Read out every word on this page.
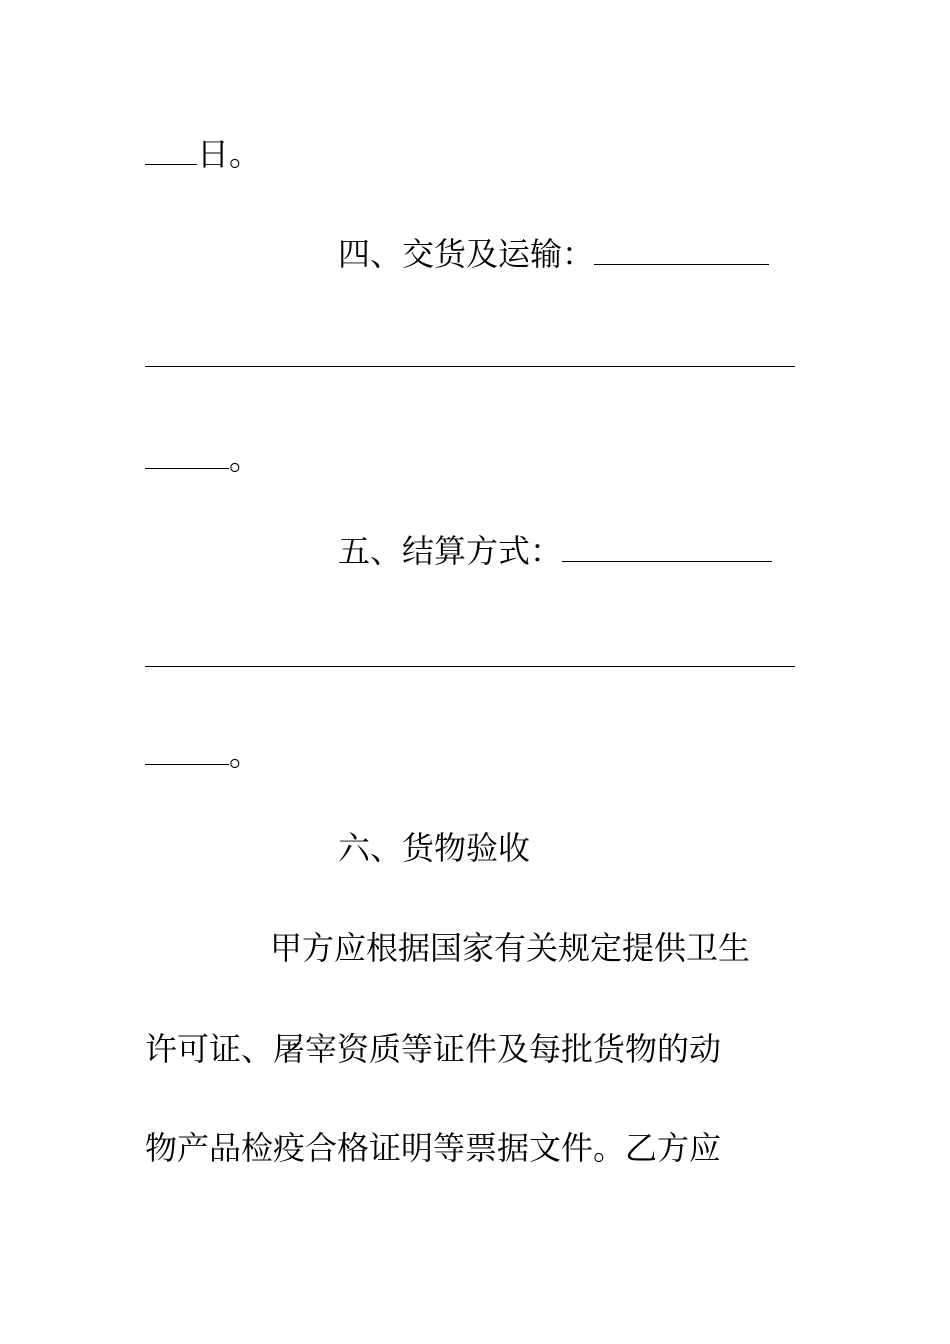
日。
四、交货及运输：
。
五、结算方式：
。
六、货物验收
甲方应根据国家有关规定提供卫生
许可证、屠宰资质等证件及每批货物的动
物产品检疫合格证明等票据文件。乙方应
